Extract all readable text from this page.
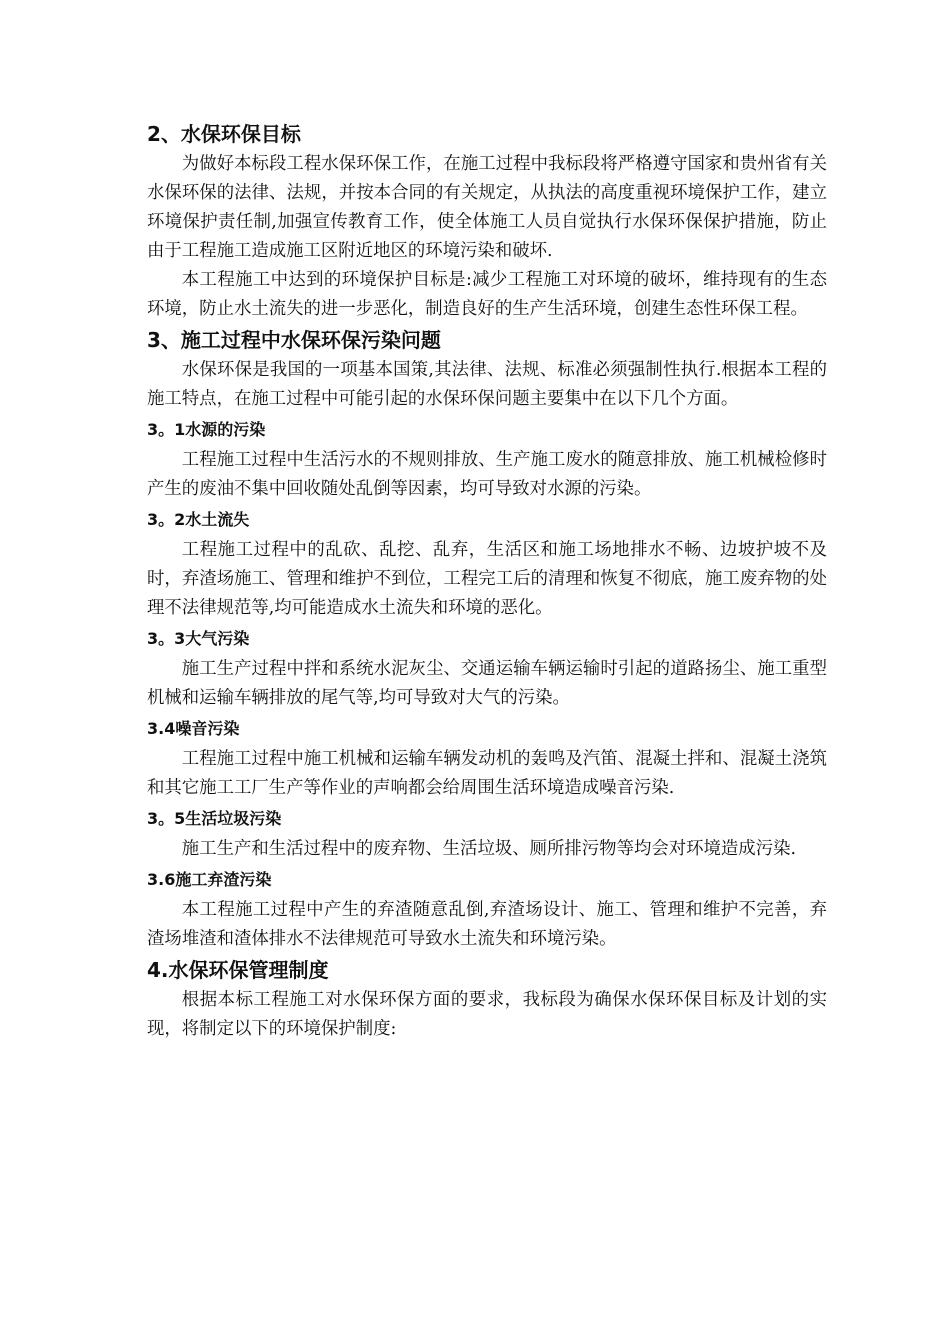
2、水保环保目标

为做好本标段工程水保环保工作，在施工过程中我标段将严格遵守国家和贵州省有关水保环保的法律、法规，并按本合同的有关规定，从执法的高度重视环境保护工作，建立环境保护责任制,加强宣传教育工作，使全体施工人员自觉执行水保环保保护措施，防止由于工程施工造成施工区附近地区的环境污染和破坏.

本工程施工中达到的环境保护目标是:减少工程施工对环境的破坏，维持现有的生态环境，防止水土流失的进一步恶化，制造良好的生产生活环境，创建生态性环保工程。

3、施工过程中水保环保污染问题

水保环保是我国的一项基本国策,其法律、法规、标准必须强制性执行.根据本工程的施工特点，在施工过程中可能引起的水保环保问题主要集中在以下几个方面。

3。1水源的污染

工程施工过程中生活污水的不规则排放、生产施工废水的随意排放、施工机械检修时产生的废油不集中回收随处乱倒等因素，均可导致对水源的污染。

3。2水土流失

工程施工过程中的乱砍、乱挖、乱弃，生活区和施工场地排水不畅、边坡护坡不及时，弃渣场施工、管理和维护不到位，工程完工后的清理和恢复不彻底，施工废弃物的处理不法律规范等,均可能造成水土流失和环境的恶化。

3。3大气污染

施工生产过程中拌和系统水泥灰尘、交通运输车辆运输时引起的道路扬尘、施工重型机械和运输车辆排放的尾气等,均可导致对大气的污染。

3.4噪音污染

工程施工过程中施工机械和运输车辆发动机的轰鸣及汽笛、混凝土拌和、混凝土浇筑和其它施工工厂生产等作业的声响都会给周围生活环境造成噪音污染.

3。5生活垃圾污染

施工生产和生活过程中的废弃物、生活垃圾、厕所排污物等均会对环境造成污染.

3.6施工弃渣污染

本工程施工过程中产生的弃渣随意乱倒,弃渣场设计、施工、管理和维护不完善，弃渣场堆渣和渣体排水不法律规范可导致水土流失和环境污染。

4.水保环保管理制度

根据本标工程施工对水保环保方面的要求，我标段为确保水保环保目标及计划的实现，将制定以下的环境保护制度:
